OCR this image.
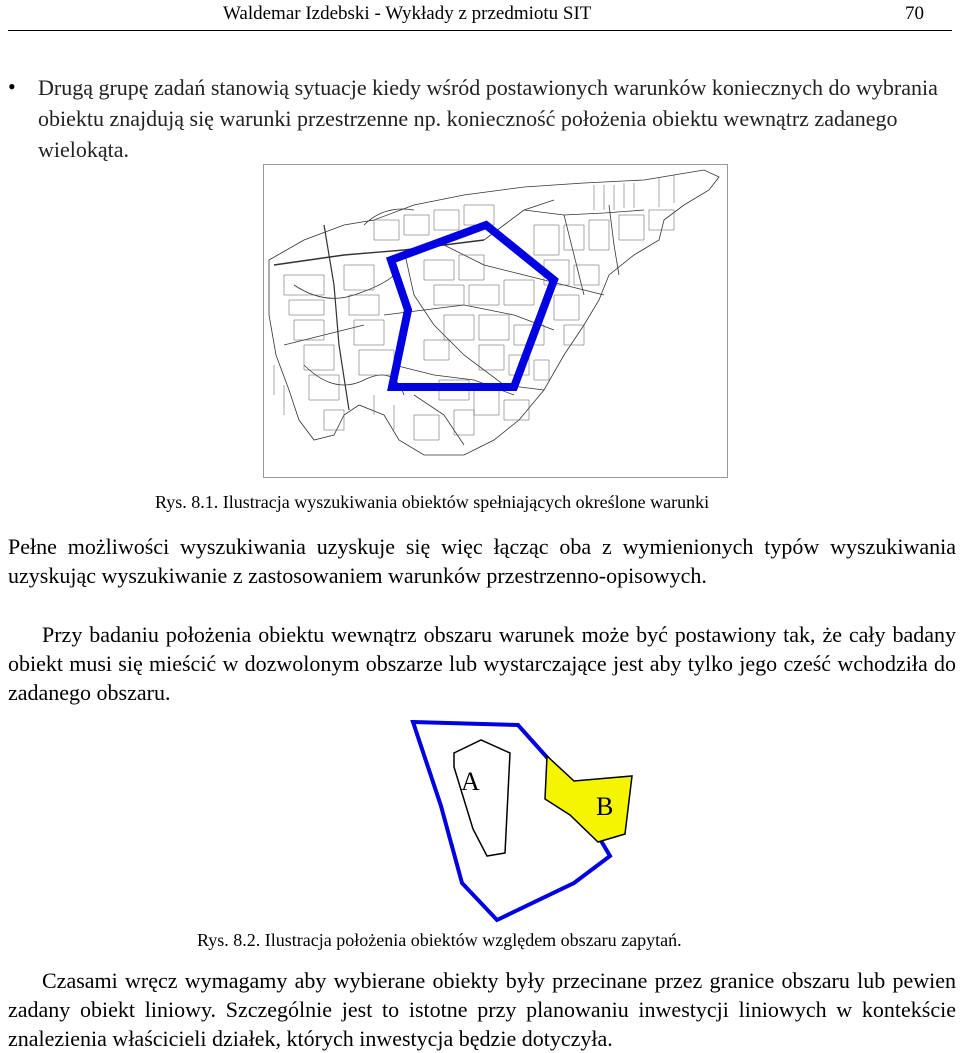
Waldemar Izdebski - Wykłady z przedmiotu SIT	70
• Drugą grupę zadań stanowią sytuacje kiedy wśród postawionych warunków koniecznych do wybrania obiektu znajdują się warunki przestrzenne np. konieczność położenia obiektu wewnątrz zadanego wielokąta.
Rys. 8.1. Ilustracja wyszukiwania obiektów spełniających określone warunki
Pełne możliwości wyszukiwania uzyskuje się więc łącząc oba z wymienionych typów wyszukiwania uzyskując wyszukiwanie z zastosowaniem warunków przestrzenno-opisowych.
Przy badaniu położenia obiektu wewnątrz obszaru warunek może być postawiony tak, że cały badany obiekt musi się mieścić w dozwolonym obszarze lub wystarczające jest aby tylko jego cześć wchodziła do zadanego obszaru.
A
B
Rys. 8.2. Ilustracja położenia obiektów względem obszaru zapytań.
Czasami wręcz wymagamy aby wybierane obiekty były przecinane przez granice obszaru lub pewien zadany obiekt liniowy. Szczególnie jest to istotne przy planowaniu inwestycji liniowych w kontekście znalezienia właścicieli działek, których inwestycja będzie dotyczyła.
